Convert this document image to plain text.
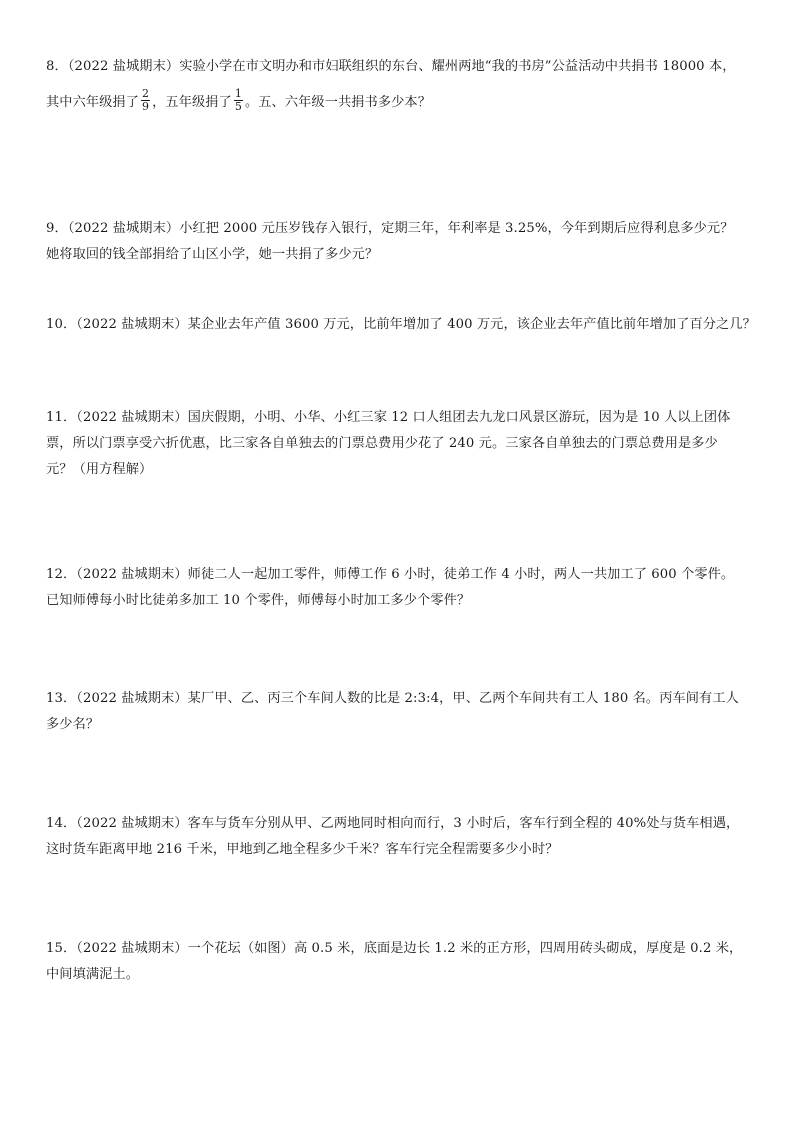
8．（2022 盐城期末）实验小学在市文明办和市妇联组织的东台、耀州两地“我的书房”公益活动中共捐书 18000 本，
其中六年级捐了 $\frac{2}{9}$ ，五年级捐了 $\frac{1}{5}$ 。五、六年级一共捐书多少本？
9．（2022 盐城期末）小红把 2000 元压岁钱存入银行，定期三年，年利率是 3.25%，今年到期后应得利息多少元？
她将取回的钱全部捐给了山区小学，她一共捐了多少元？
10．（2022 盐城期末）某企业去年产值 3600 万元，比前年增加了 400 万元，该企业去年产值比前年增加了百分之几？
11．（2022 盐城期末）国庆假期，小明、小华、小红三家 12 口人组团去九龙口风景区游玩，因为是 10 人以上团体
票，所以门票享受六折优惠，比三家各自单独去的门票总费用少花了 240 元。三家各自单独去的门票总费用是多少
元？（用方程解）
12．（2022 盐城期末）师徒二人一起加工零件，师傅工作 6 小时，徒弟工作 4 小时，两人一共加工了 600 个零件。
已知师傅每小时比徒弟多加工 10 个零件，师傅每小时加工多少个零件？
13．（2022 盐城期末）某厂甲、乙、丙三个车间人数的比是 2:3:4，甲、乙两个车间共有工人 180 名。丙车间有工人
多少名？
14．（2022 盐城期末）客车与货车分别从甲、乙两地同时相向而行，3 小时后，客车行到全程的 40%处与货车相遇，
这时货车距离甲地 216 千米，甲地到乙地全程多少千米？客车行完全程需要多少小时？
15．（2022 盐城期末）一个花坛（如图）高 0.5 米，底面是边长 1.2 米的正方形，四周用砖头砌成，厚度是 0.2 米，
中间填满泥土。
